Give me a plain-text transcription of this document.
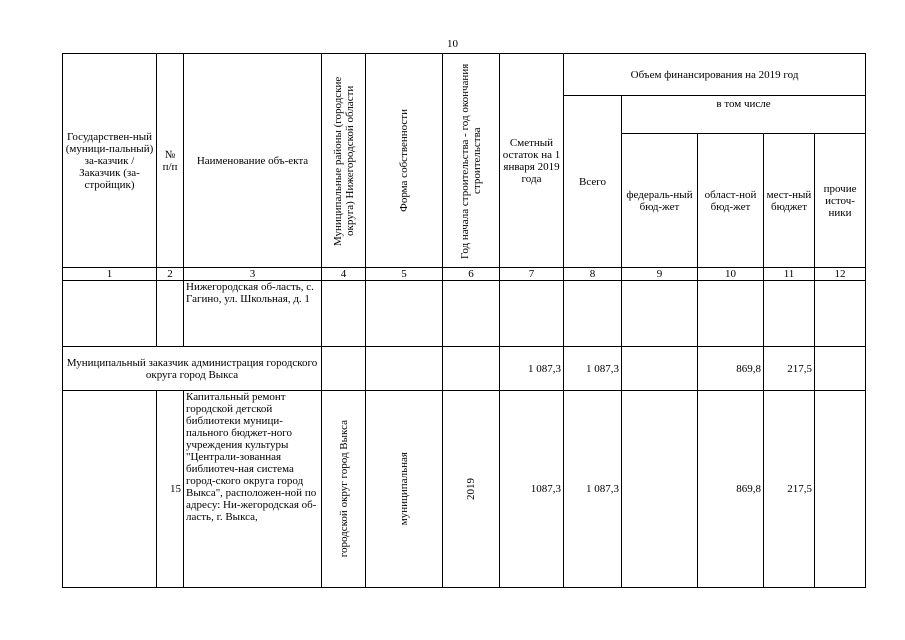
10
Государствен-ный (муници-пальный) за-казчик / Заказчик (за-стройщик)	№ п/п	Наименование объ-екта	Муниципальные районы (городские округа) Нижегородской области	Форма собственности	Год начала строительства - год окончания строительства	Сметный остаток на 1 января 2019 года	Объем финансирования на 2019 год				
							Всего	в том числе			
								федераль-ный бюд-жет	област-ной бюд-жет	мест-ный бюджет	прочие источ-ники
1	2	3	4	5	6	7	8	9	10	11	12
		Нижегородская об-ласть, с. Гагино, ул. Школьная, д. 1									
Муниципальный заказчик администрация городского округа город Выкса						1 087,3	1 087,3		869,8	217,5	
	15	Капитальный ремонт городской детской библиотеки муници-пального бюджет-ного учреждения культуры "Централи-зованная библиотеч-ная система город-ского округа город Выкса", расположен-ной по адресу: Ни-жегородская об-ласть, г. Выкса,	городской округ город Выкса	муниципальная	2019	1087,3	1 087,3		869,8	217,5	
